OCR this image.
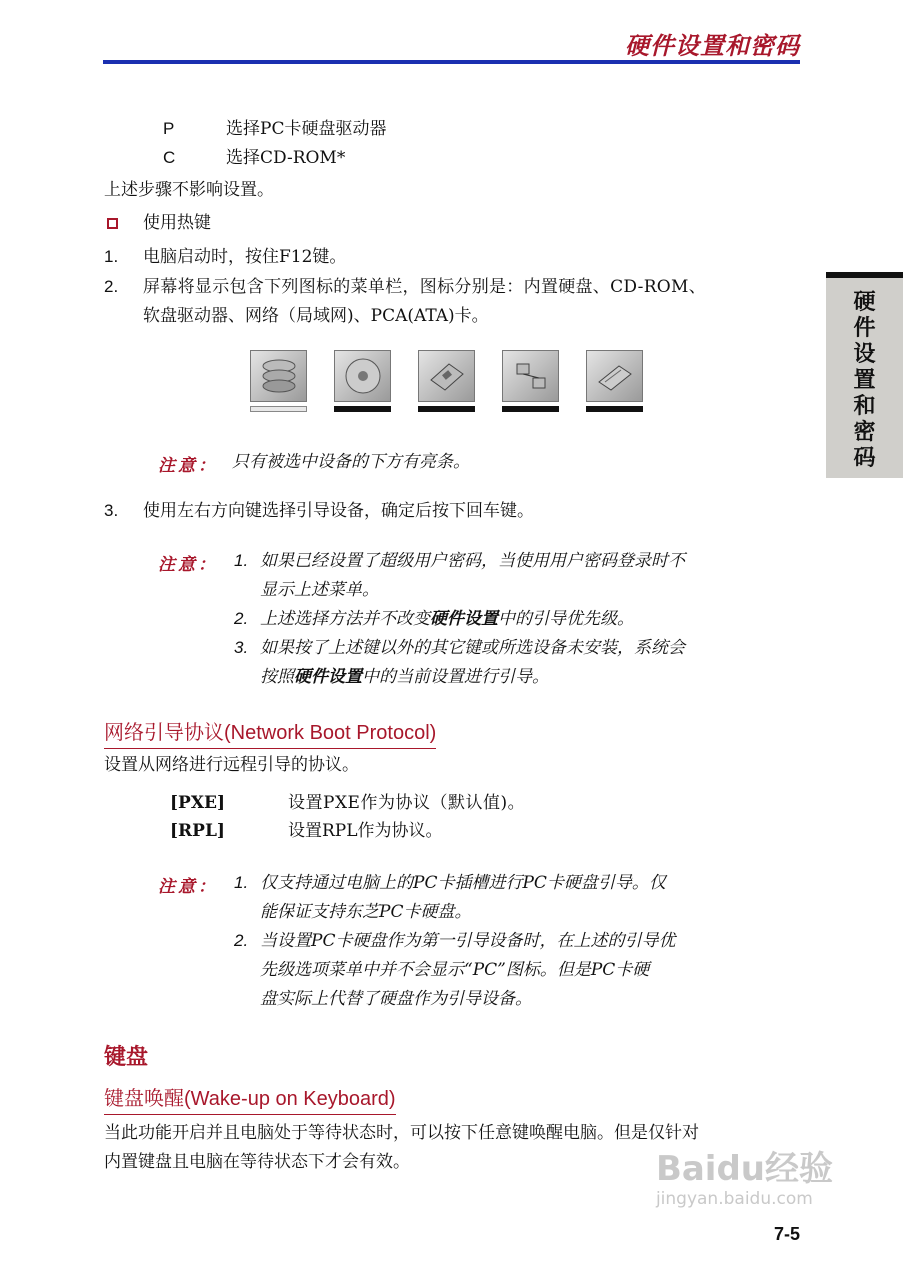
硬件设置和密码
硬
件
设
置
和
密
码
P	选择PC卡硬盘驱动器
C	选择CD-ROM*
上述步骤不影响设置。
使用热键
1. 电脑启动时，按住F12键。
2. 屏幕将显示包含下列图标的菜单栏，图标分别是：内置硬盘、CD-ROM、
软盘驱动器、网络（局域网)、PCA(ATA)卡。
注意： 只有被选中设备的下方有亮条。
3. 使用左右方向键选择引导设备，确定后按下回车键。
注意： 1. 如果已经设置了超级用户密码，当使用用户密码登录时不
显示上述菜单。
2. 上述选择方法并不改变硬件设置中的引导优先级。
3. 如果按了上述键以外的其它键或所选设备未安装，系统会
按照硬件设置中的当前设置进行引导。
网络引导协议(Network Boot Protocol)
设置从网络进行远程引导的协议。
[PXE]	设置PXE作为协议（默认值)。
[RPL]	设置RPL作为协议。
注意： 1. 仅支持通过电脑上的PC卡插槽进行PC卡硬盘引导。仅
能保证支持东芝PC卡硬盘。
2. 当设置PC卡硬盘作为第一引导设备时，在上述的引导优
先级选项菜单中并不会显示“PC”图标。但是PC卡硬
盘实际上代替了硬盘作为引导设备。
键盘
键盘唤醒(Wake-up on Keyboard)
当此功能开启并且电脑处于等待状态时，可以按下任意键唤醒电脑。但是仅针对
内置键盘且电脑在等待状态下才会有效。	Baidu经验
jingyan.baidu.com
7-5
